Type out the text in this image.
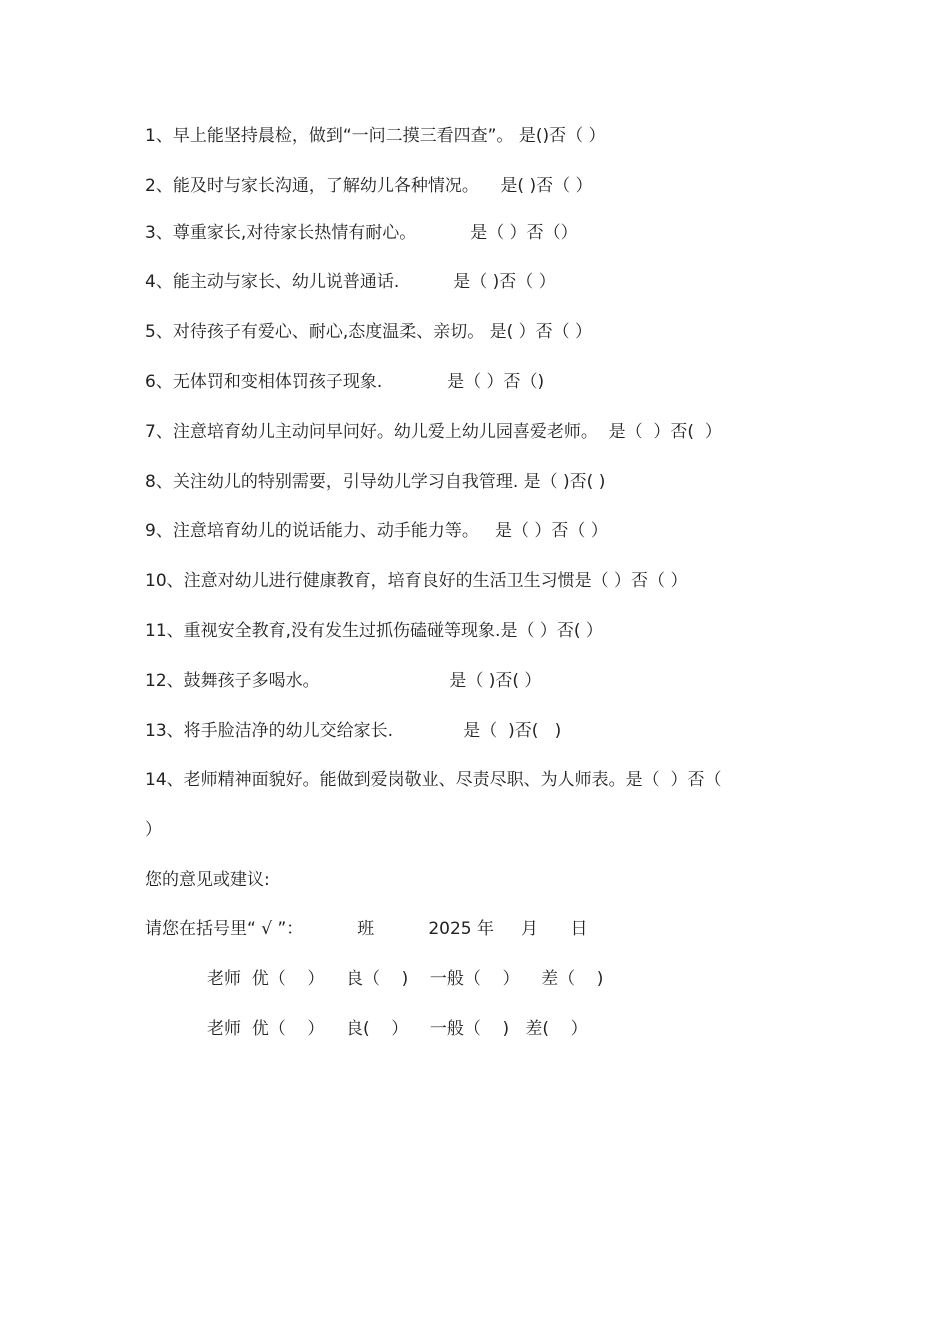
1、早上能坚持晨检，做到“一问二摸三看四查”。 是()否（ ）
2、能及时与家长沟通，了解幼儿各种情况。    是( )否（ ）
3、尊重家长,对待家长热情有耐心。          是（ ）否（）
4、能主动与家长、幼儿说普通话.          是（ )否（ ）
5、对待孩子有爱心、耐心,态度温柔、亲切。 是( ）否（ ）
6、无体罚和变相体罚孩子现象.            是（ ）否（)
7、注意培育幼儿主动问早问好。幼儿爱上幼儿园喜爱老师。  是（  ）否(  ）
8、关注幼儿的特别需要，引导幼儿学习自我管理. 是（ )否( )
9、注意培育幼儿的说话能力、动手能力等。   是（ ）否（ ）
10、注意对幼儿进行健康教育，培育良好的生活卫生习惯是（ ）否（ ）
11、重视安全教育,没有发生过抓伤磕碰等现象.是（ ）否( ）
12、鼓舞孩子多喝水。                        是（ )否( ）
13、将手脸洁净的幼儿交给家长.             是（  )否(   )
14、老师精神面貌好。能做到爱岗敬业、尽责尽职、为人师表。是（  ）否（
）
您的意见或建议:
请您在括号里“ √ ”：          班          2025 年     月      日
老师  优（    ）    良（    )    一般（    ）    差（    )
老师  优（    ）    良(    ）    一般（    )   差(    ）
